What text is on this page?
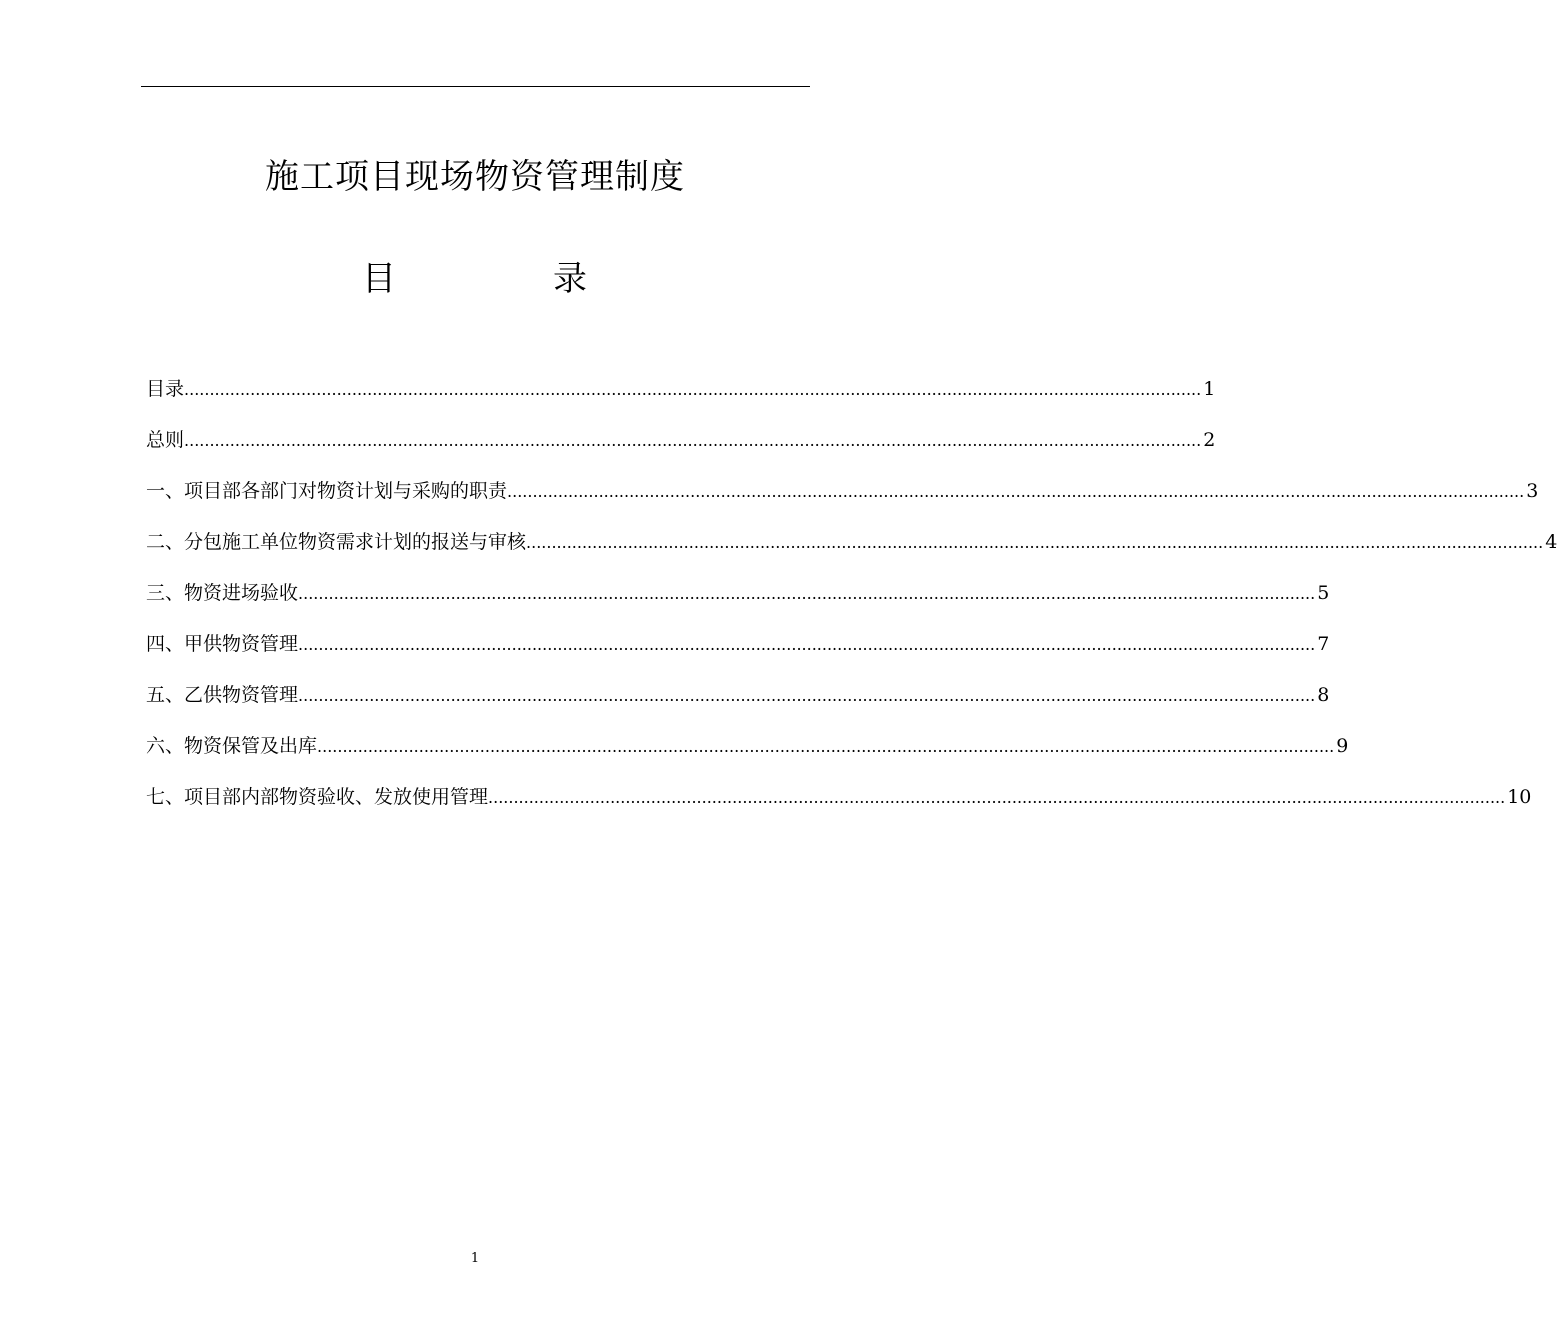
施工项目现场物资管理制度
目	录
目录 ........................................................................................................................................................................................................ 1
总则 ........................................................................................................................................................................................................ 2
一、项目部各部门对物资计划与采购的职责 ........................................................................................................................................................................................................ 3
二、分包施工单位物资需求计划的报送与审核 ........................................................................................................................................................................................................ 4
三、物资进场验收 ........................................................................................................................................................................................................ 5
四、甲供物资管理 ........................................................................................................................................................................................................ 7
五、乙供物资管理 ........................................................................................................................................................................................................ 8
六、物资保管及出库 ........................................................................................................................................................................................................ 9
七、项目部内部物资验收、发放使用管理 ........................................................................................................................................................................................................ 10
1
